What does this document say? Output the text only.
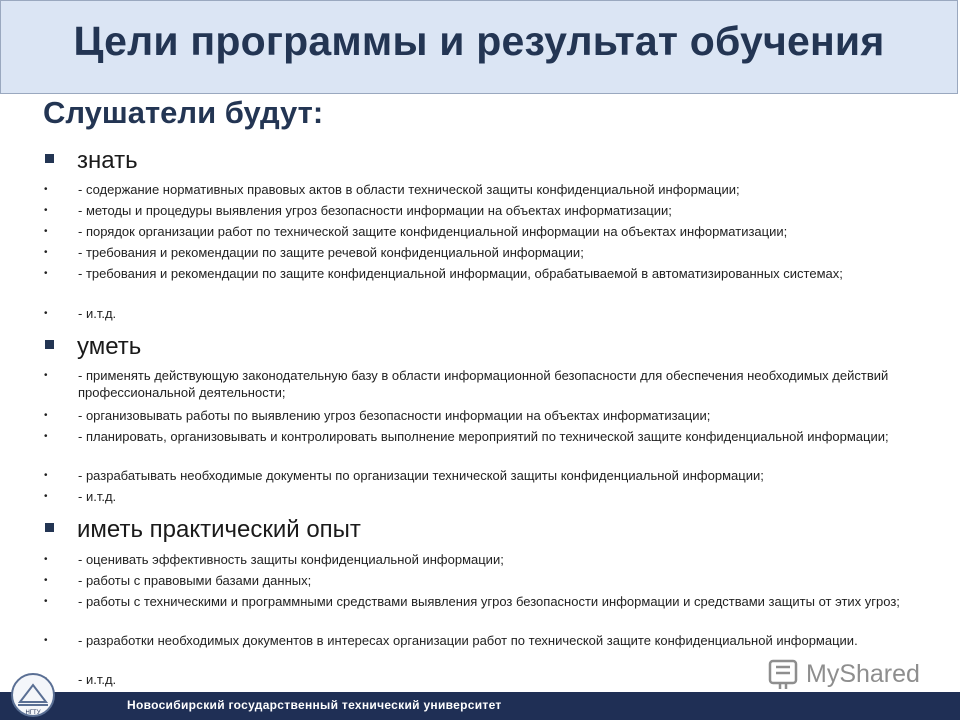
Цели программы и результат обучения

Слушатели будут:

знать

• - содержание нормативных правовых актов в области технической защиты конфиденциальной информации;
• - методы и процедуры выявления угроз безопасности информации на объектах информатизации;
• - порядок организации работ по технической защите конфиденциальной информации на объектах информатизации;
• - требования и рекомендации по защите речевой конфиденциальной информации;
• - требования и рекомендации по защите конфиденциальной информации, обрабатываемой в автоматизированных системах;
• - и.т.д.

уметь

• - применять действующую законодательную базу в области информационной безопасности для обеспечения необходимых действий профессиональной деятельности;
• - организовывать работы по выявлению угроз безопасности информации на объектах информатизации;
• - планировать, организовывать и контролировать выполнение мероприятий по технической защите конфиденциальной информации;
• - разрабатывать необходимые документы по организации технической защиты конфиденциальной информации;
• - и.т.д.

иметь практический опыт

• - оценивать эффективность защиты конфиденциальной информации;
• - работы с правовыми базами данных;
• - работы с техническими и программными средствами выявления угроз безопасности информации и средствами защиты от этих угроз;
• - разработки необходимых документов в интересах организации работ по технической защите конфиденциальной информации.
- и.т.д.	MyShared
Новосибирский государственный технический университет
НГТУ
